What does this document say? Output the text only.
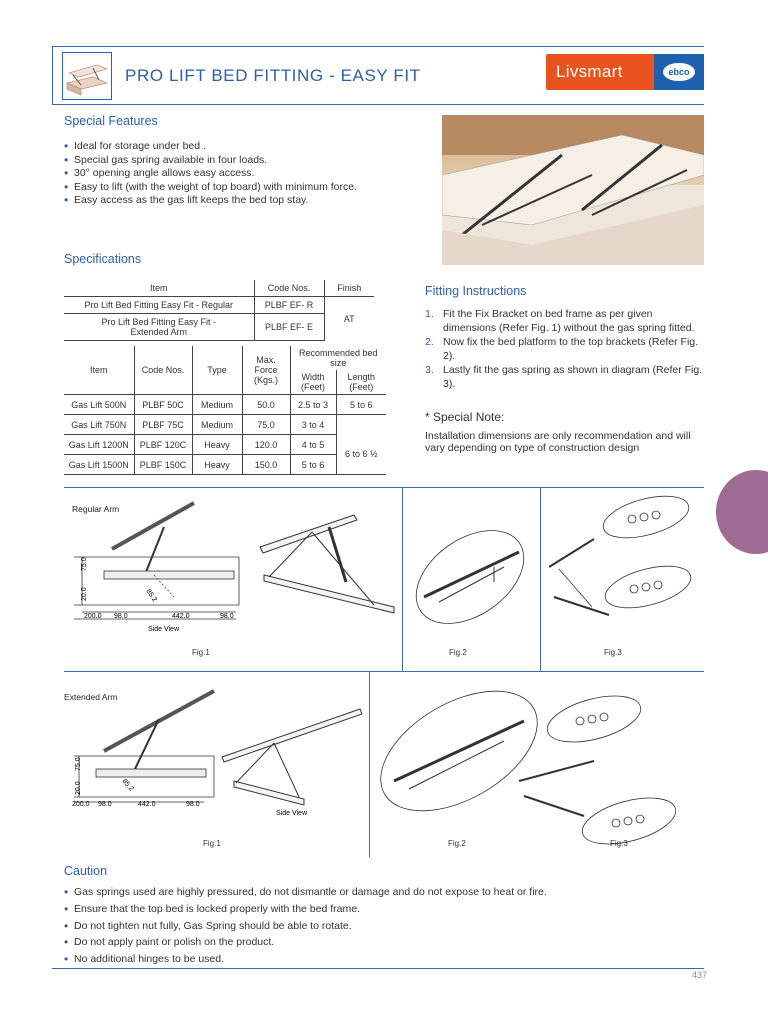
PRO LIFT BED FITTING - EASY FIT	Livsmart	ebco
Special Features
• Ideal for storage under bed .
• Special gas spring available in four loads.
• 30° opening angle allows easy access.
• Easy to lift (with the weight of top board) with minimum force.
• Easy access as the gas lift keeps the bed top stay.
Specifications
Item	Code Nos.	Finish
Pro Lift Bed Fitting Easy Fit - Regular	PLBF EF- R	AT
Pro Lift Bed Fitting Easy Fit - Extended Arm	PLBF EF- E	
Item	Code Nos.	Type	Max. Force (Kgs.)	Recommended bed size	
				Width (Feet)	Length (Feet)
Gas Lift 500N	PLBF 50C	Medium	50.0	2.5 to 3	5 to 6
Gas Lift 750N	PLBF 75C	Medium	75.0	3 to 4	
Gas Lift 1200N	PLBF 120C	Heavy	120.0	4 to 5	6 to 6 ½
Gas Lift 1500N	PLBF 150C	Heavy	150.0	5 to 6	
Fitting Instructions
1. Fit the Fix Bracket on bed frame as per given dimensions (Refer Fig. 1) without the gas spring fitted.
2. Now fix the bed platform to the top brackets (Refer Fig. 2).
3. Lastly fit the gas spring as shown in diagram (Refer Fig. 3).
* Special Note:
Installation dimensions are only recommendation and will vary depending on type of construction design
Regular Arm
75.0
20.0	85.2
200.0 98.0	442.0	98.0
Side View
Fig.1	Fig.2	Fig.3
Extended Arm
75.0
20.0	85.2
200.0 98.0	442.0	98.0
Side View
Fig.1	Fig.2	Fig.3
Caution
• Gas springs used are highly pressured, do not dismantle or damage and do not expose to heat or fire.
• Ensure that the top bed is locked properly with the bed frame.
• Do not tighten nut fully, Gas Spring should be able to rotate.
• Do not apply paint or polish on the product.
• No additional hinges to be used.
437
